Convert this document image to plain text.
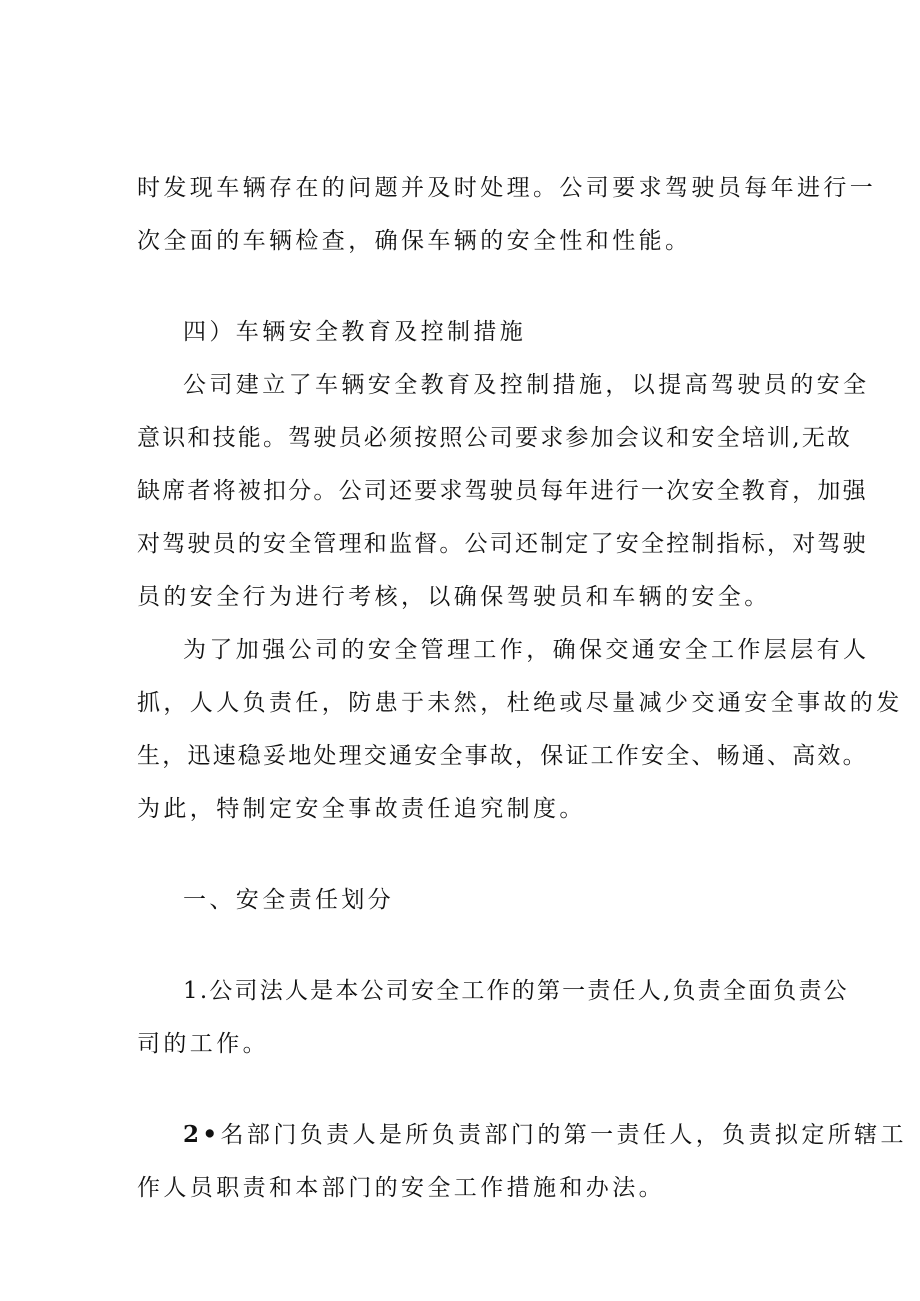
时发现车辆存在的问题并及时处理。公司要求驾驶员每年进行一
次全面的车辆检查，确保车辆的安全性和性能。
四）车辆安全教育及控制措施
公司建立了车辆安全教育及控制措施，以提高驾驶员的安全
意识和技能。驾驶员必须按照公司要求参加会议和安全培训,无故
缺席者将被扣分。公司还要求驾驶员每年进行一次安全教育，加强
对驾驶员的安全管理和监督。公司还制定了安全控制指标，对驾驶
员的安全行为进行考核，以确保驾驶员和车辆的安全。
为了加强公司的安全管理工作，确保交通安全工作层层有人
抓，人人负责任，防患于未然，杜绝或尽量减少交通安全事故的发
生，迅速稳妥地处理交通安全事故，保证工作安全、畅通、高效。
为此，特制定安全事故责任追究制度。
一、安全责任划分
1.公司法人是本公司安全工作的第一责任人,负责全面负责公
司的工作。
2•名部门负责人是所负责部门的第一责任人，负责拟定所辖工
作人员职责和本部门的安全工作措施和办法。
